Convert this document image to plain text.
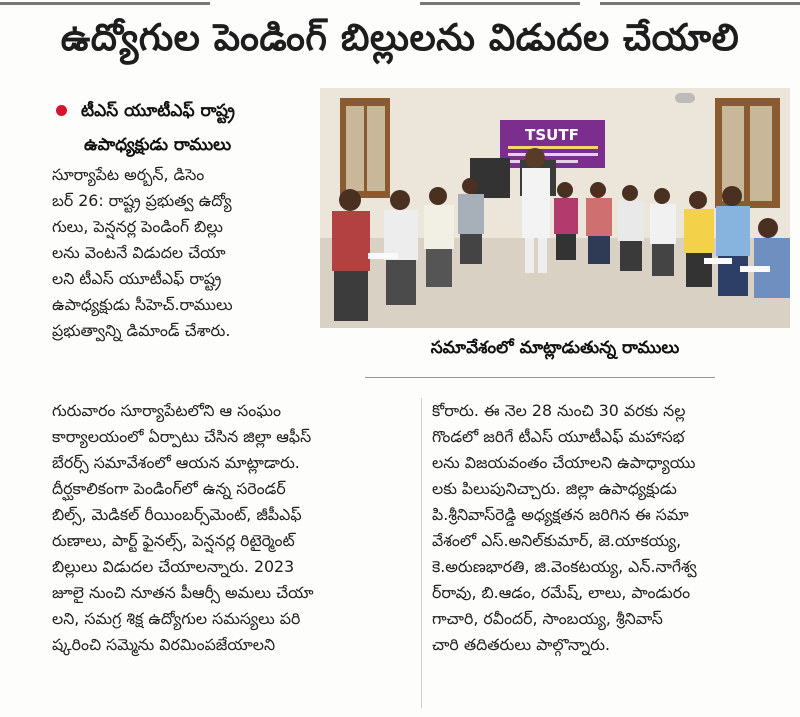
ఉద్యోగుల పెండింగ్ బిల్లులను విడుదల చేయాలి
టీఎస్ యూటీఎఫ్ రాష్ట్ర
ఉపాధ్యక్షుడు రాములు	TSUTF
సమావేశంలో మాట్లాడుతున్న రాములు
సూర్యాపేట అర్బన్, డిసెం
బర్ 26: రాష్ట్ర ప్రభుత్వ ఉద్యో
గులు, పెన్షనర్ల పెండింగ్ బిల్లు
లను వెంటనే విడుదల చేయా
లని టీఎస్ యూటీఎఫ్ రాష్ట్ర
ఉపాధ్యక్షుడు సీహెచ్.రాములు
ప్రభుత్వాన్ని డిమాండ్ చేశారు.
గురువారం సూర్యాపేటలోని ఆ సంఘం
కార్యాలయంలో ఏర్పాటు చేసిన జిల్లా ఆఫీస్
బేరర్స్ సమావేశంలో ఆయన మాట్లాడారు.
దీర్ఘకాలికంగా పెండింగ్‌లో ఉన్న సరెండర్
బిల్స్, మెడికల్ రీయింబర్స్‌మెంట్, జీపీఎఫ్
రుణాలు, పార్ట్ ఫైనల్స్, పెన్షనర్ల రిటైర్మెంట్
బిల్లులు విడుదల చేయాలన్నారు. 2023
జూలై నుంచి నూతన పీఆర్సీ అమలు చేయా
లని, సమగ్ర శిక్ష ఉద్యోగుల సమస్యలు పరి
ష్కరించి సమ్మెను విరమింపజేయాలని
కోరారు. ఈ నెల 28 నుంచి 30 వరకు నల్ల
గొండలో జరిగే టీఎస్ యూటీఎఫ్ మహాసభ
లను విజయవంతం చేయాలని ఉపాధ్యాయు
లకు పిలుపునిచ్చారు. జిల్లా ఉపాధ్యక్షుడు
పి.శ్రీనివాస్‌రెడ్డి అధ్యక్షతన జరిగిన ఈ సమా
వేశంలో ఎస్.అనిల్‌కుమార్, జె.యాకయ్య,
కె.అరుణభారతి, జి.వెంకటయ్య, ఎన్.నాగేశ్వ
ర్‌రావు, బి.ఆడం, రమేష్, లాలు, పాండురం
గాచారి, రవీందర్, సాంబయ్య, శ్రీనివాస్
చారి తదితరులు పాల్గొన్నారు.
